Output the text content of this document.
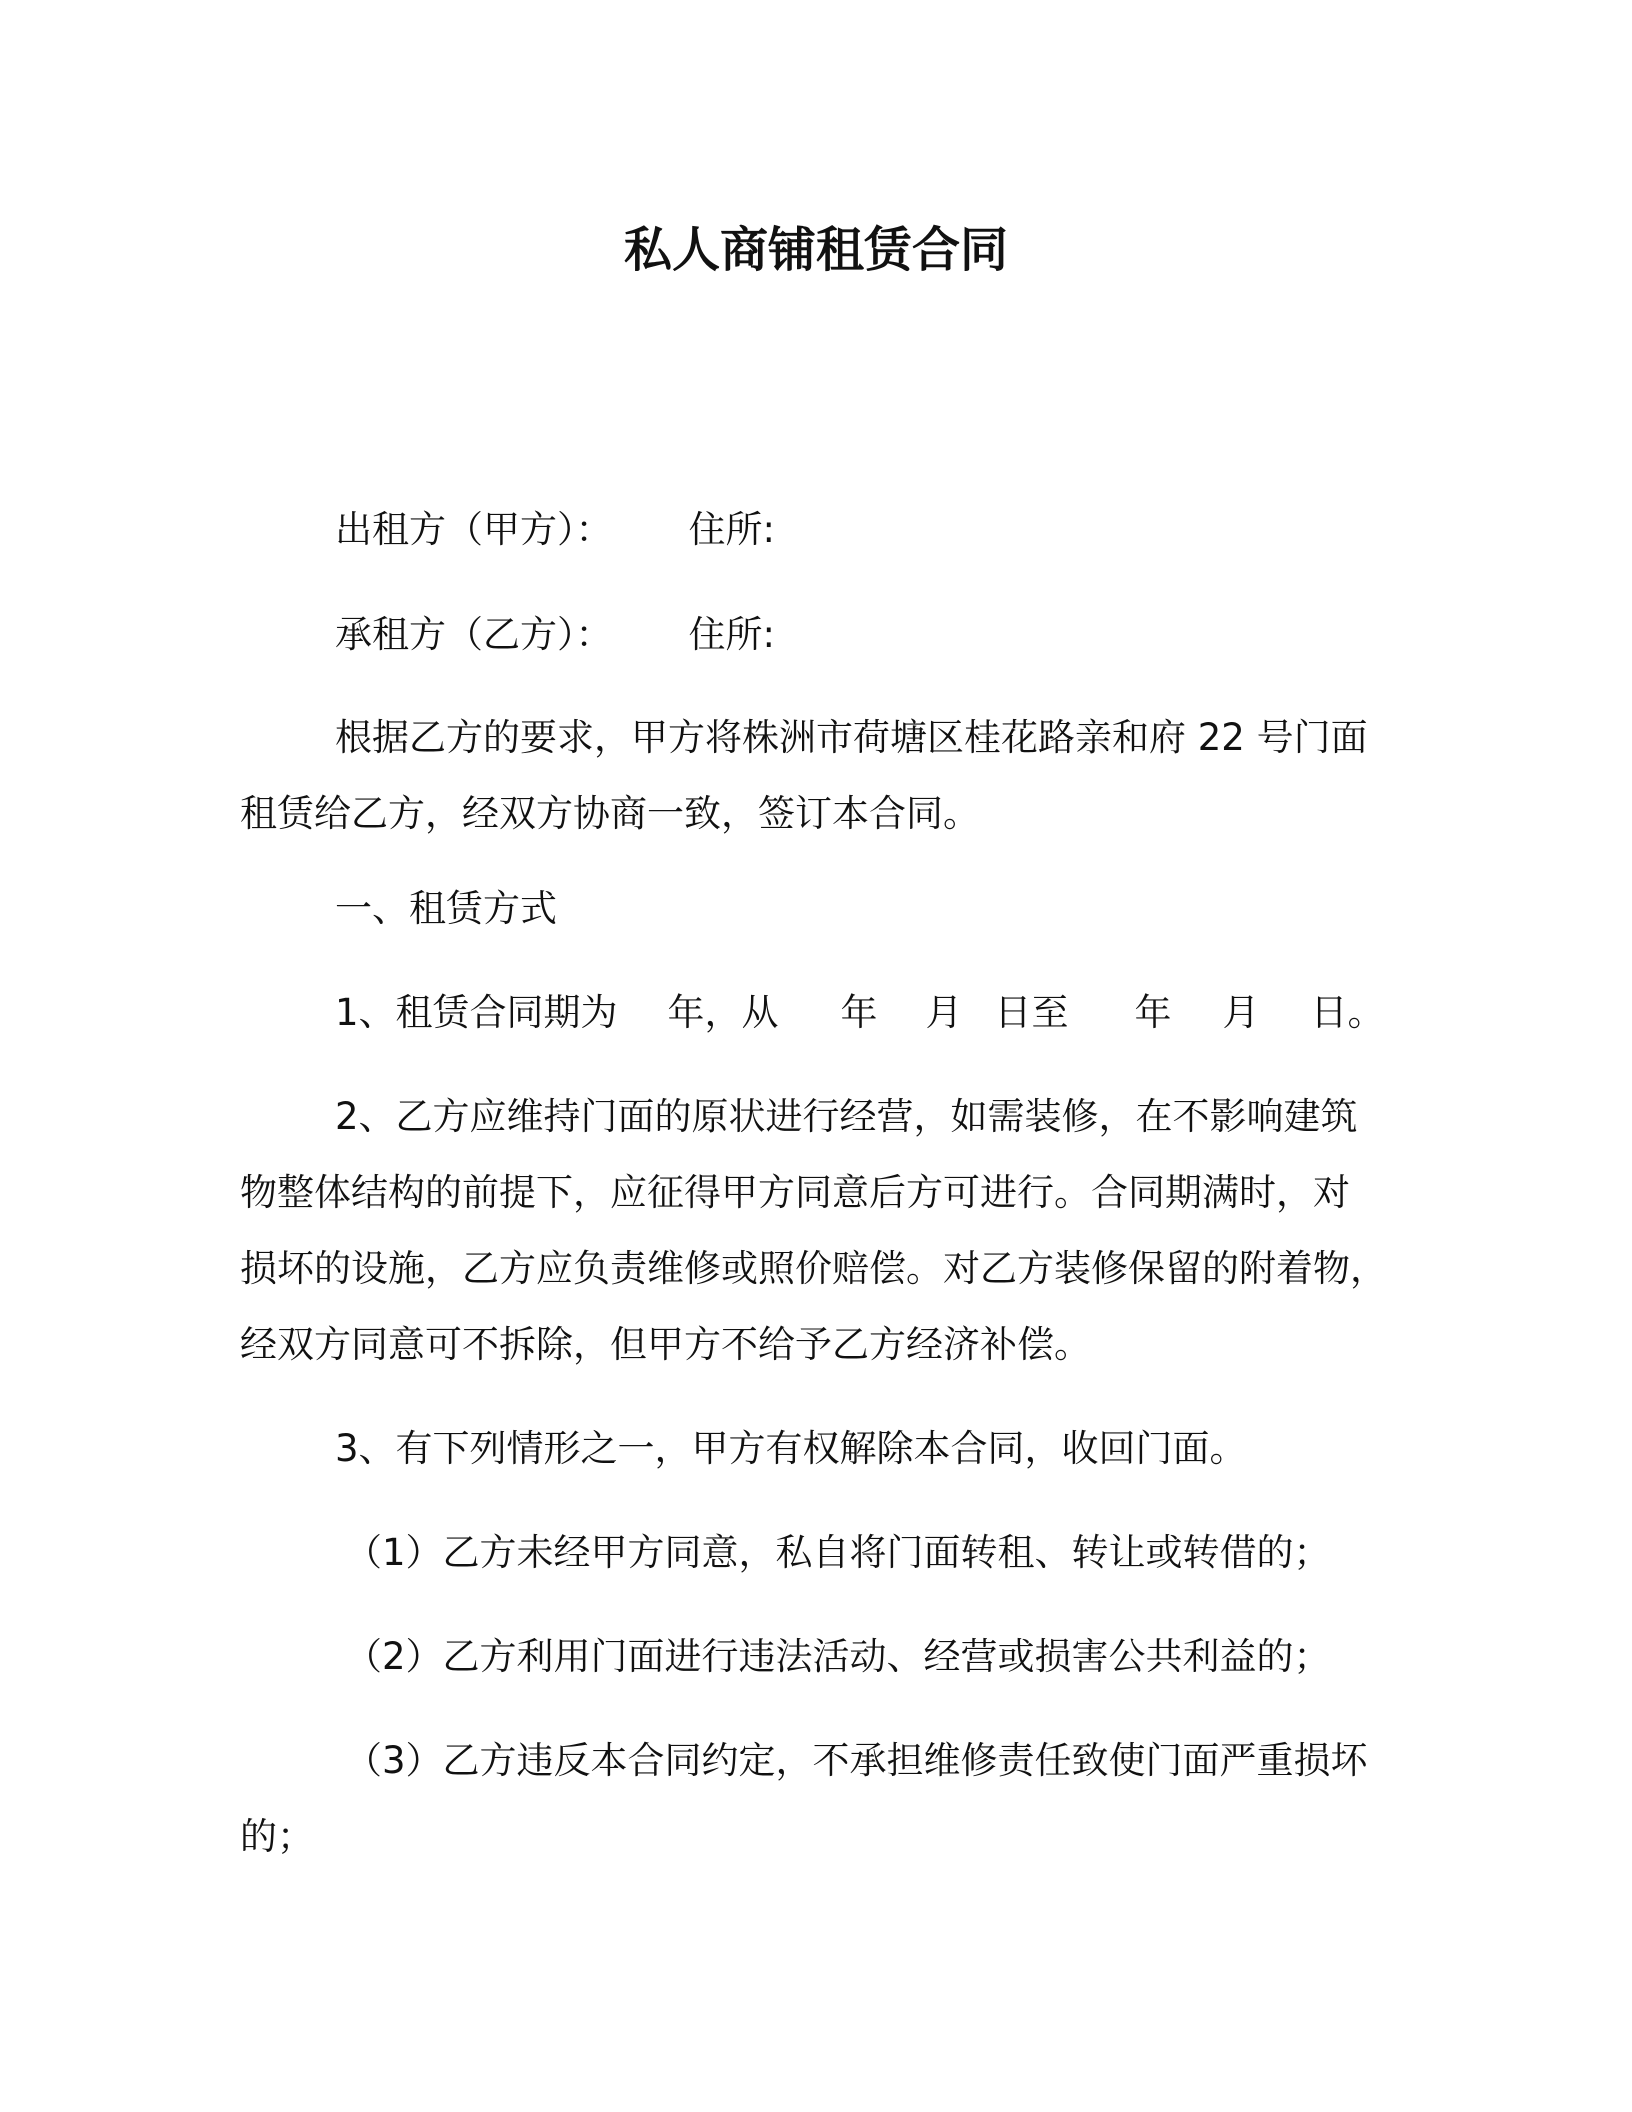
私人商铺租赁合同
出租方（甲方）： 住所:
承租方（乙方）： 住所:
根据乙方的要求，甲方将株洲市荷塘区桂花路亲和府 22 号门面
租赁给乙方，经双方协商一致，签订本合同。
一、租赁方式
1、租赁合同期为 年，从 年 月 日至 年 月 日。
2、乙方应维持门面的原状进行经营，如需装修，在不影响建筑
物整体结构的前提下，应征得甲方同意后方可进行。合同期满时，对
损坏的设施，乙方应负责维修或照价赔偿。对乙方装修保留的附着物，
经双方同意可不拆除，但甲方不给予乙方经济补偿。
3、有下列情形之一，甲方有权解除本合同，收回门面。
（1）乙方未经甲方同意，私自将门面转租、转让或转借的；
（2）乙方利用门面进行违法活动、经营或损害公共利益的；
（3）乙方违反本合同约定，不承担维修责任致使门面严重损坏
的；
